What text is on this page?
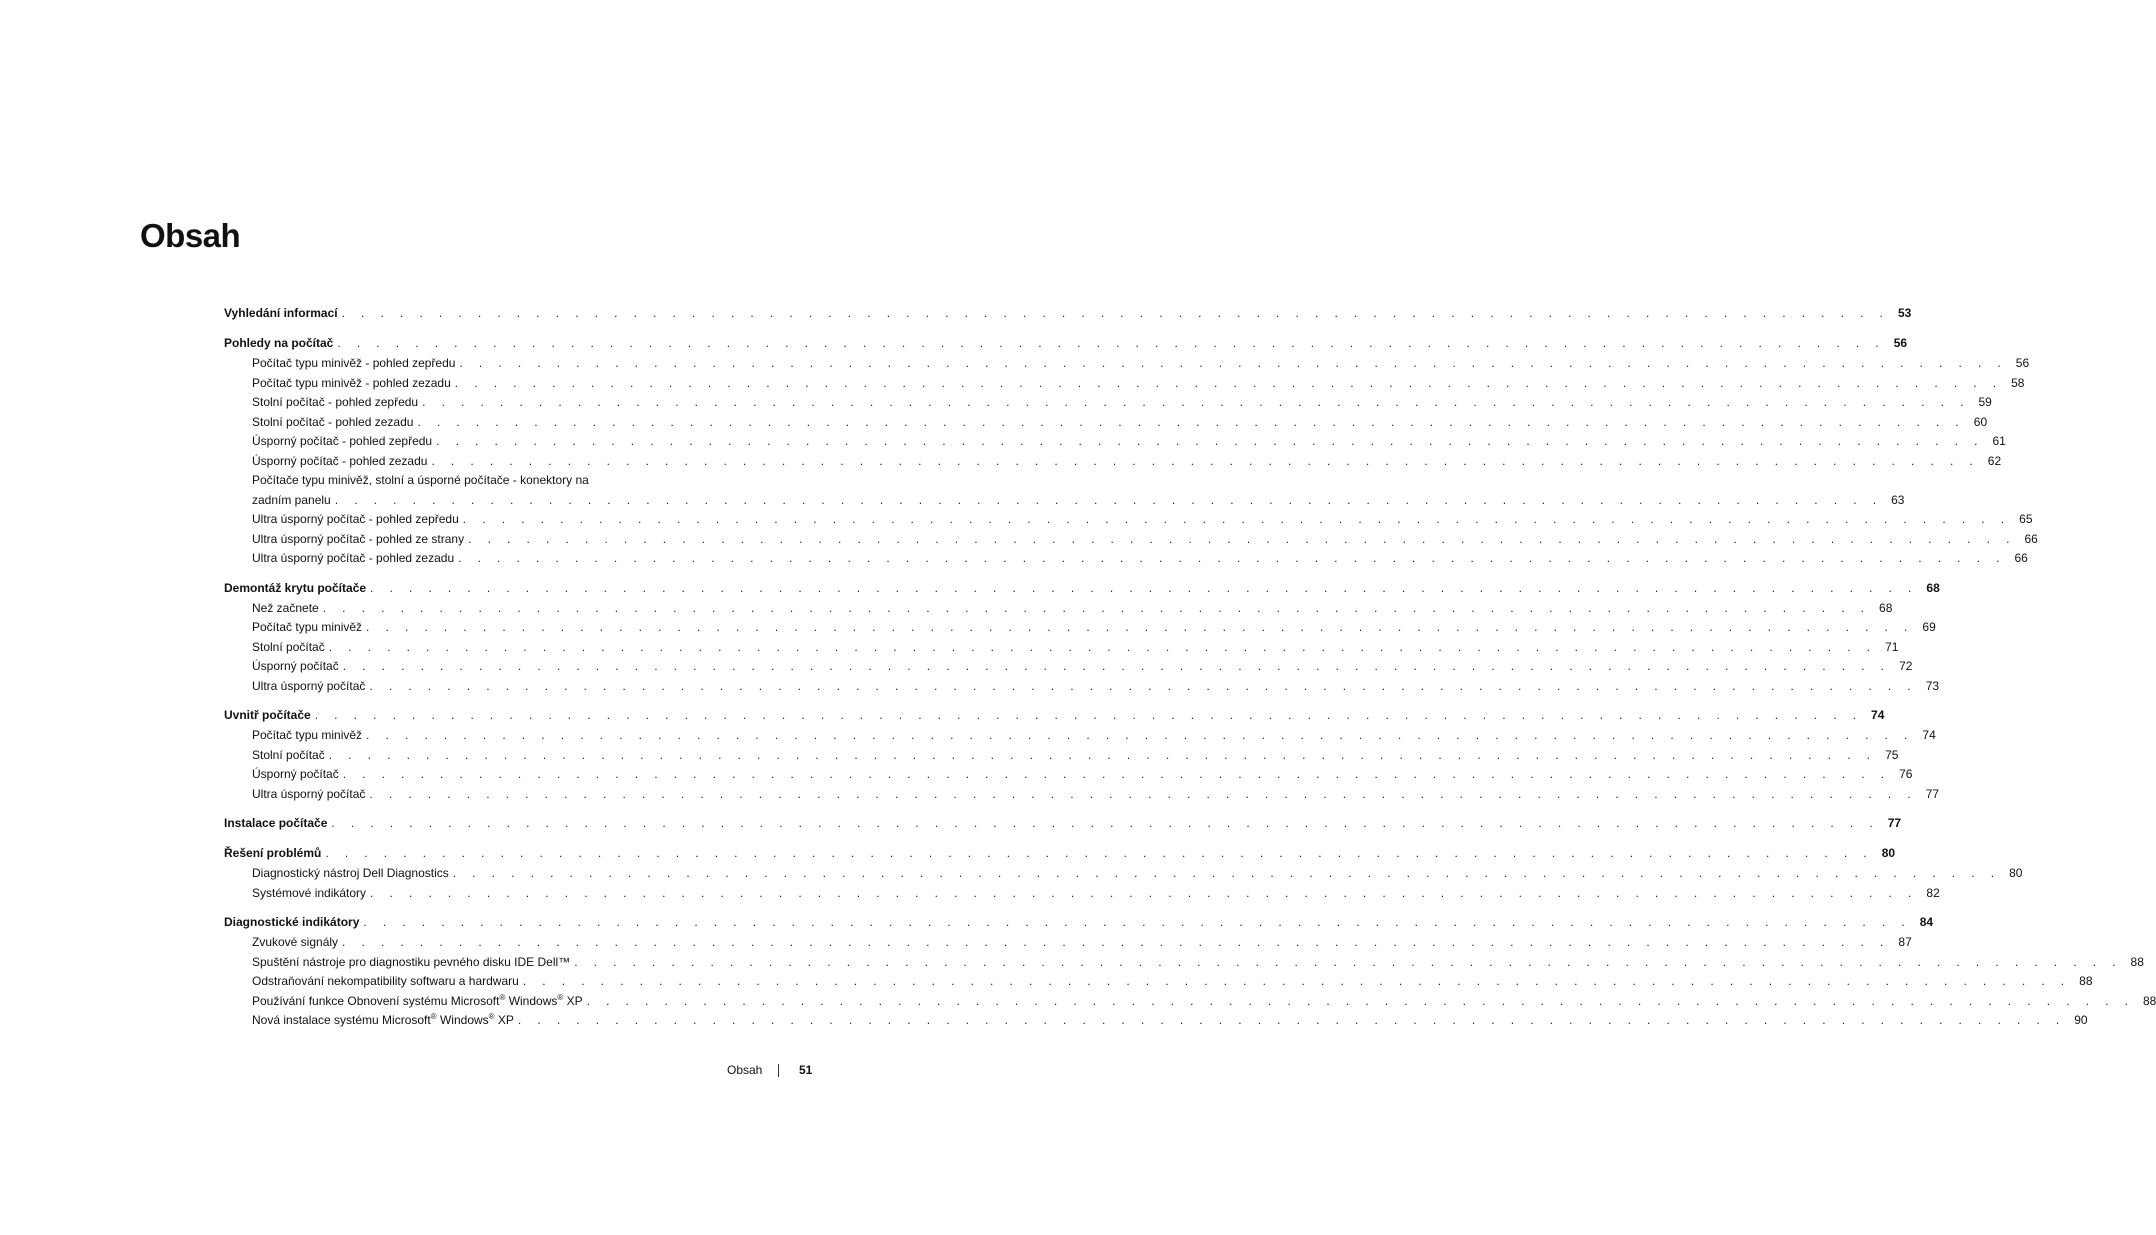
Obsah
Vyhledání informací . . . . . . . . . . . . . . . . . . . . . . . . . . . . . . . . . . . . . . . . . . . . . . . . . . . . . . . . . . . . . . . . . . . . . . . . . . . . . . . . 53
Pohledy na počítač . . . . . . . . . . . . . . . . . . . . . . . . . . . . . . . . . . . . . . . . . . . . . . . . . . . . . . . . . . . . . . . . . . . . . . . . . . . . . . . . 56
Počítač typu minivěž - pohled zepředu . . . . . . . . . . . . . . . . . . . . . . . . . . . . . . . . . . . . . . . . . . . . . . . . . . . . . . . . . . . . . . . . . . . . . . . . . . . . . . . . 56
Počítač typu minivěž - pohled zezadu . . . . . . . . . . . . . . . . . . . . . . . . . . . . . . . . . . . . . . . . . . . . . . . . . . . . . . . . . . . . . . . . . . . . . . . . . . . . . . . . 58
Stolní počítač - pohled zepředu . . . . . . . . . . . . . . . . . . . . . . . . . . . . . . . . . . . . . . . . . . . . . . . . . . . . . . . . . . . . . . . . . . . . . . . . . . . . . . . . 59
Stolní počítač - pohled zezadu . . . . . . . . . . . . . . . . . . . . . . . . . . . . . . . . . . . . . . . . . . . . . . . . . . . . . . . . . . . . . . . . . . . . . . . . . . . . . . . . 60
Úsporný počítač - pohled zepředu . . . . . . . . . . . . . . . . . . . . . . . . . . . . . . . . . . . . . . . . . . . . . . . . . . . . . . . . . . . . . . . . . . . . . . . . . . . . . . . . 61
Úsporný počítač - pohled zezadu . . . . . . . . . . . . . . . . . . . . . . . . . . . . . . . . . . . . . . . . . . . . . . . . . . . . . . . . . . . . . . . . . . . . . . . . . . . . . . . . 62
Počítače typu minivěž, stolní a úsporné počítače - konektory na
zadním panelu . . . . . . . . . . . . . . . . . . . . . . . . . . . . . . . . . . . . . . . . . . . . . . . . . . . . . . . . . . . . . . . . . . . . . . . . . . . . . . . . 63
Ultra úsporný počítač - pohled zepředu . . . . . . . . . . . . . . . . . . . . . . . . . . . . . . . . . . . . . . . . . . . . . . . . . . . . . . . . . . . . . . . . . . . . . . . . . . . . . . . . 65
Ultra úsporný počítač - pohled ze strany . . . . . . . . . . . . . . . . . . . . . . . . . . . . . . . . . . . . . . . . . . . . . . . . . . . . . . . . . . . . . . . . . . . . . . . . . . . . . . . . 66
Ultra úsporný počítač - pohled zezadu . . . . . . . . . . . . . . . . . . . . . . . . . . . . . . . . . . . . . . . . . . . . . . . . . . . . . . . . . . . . . . . . . . . . . . . . . . . . . . . . 66
Demontáž krytu počítače . . . . . . . . . . . . . . . . . . . . . . . . . . . . . . . . . . . . . . . . . . . . . . . . . . . . . . . . . . . . . . . . . . . . . . . . . . . . . . . . 68
Než začnete . . . . . . . . . . . . . . . . . . . . . . . . . . . . . . . . . . . . . . . . . . . . . . . . . . . . . . . . . . . . . . . . . . . . . . . . . . . . . . . . 68
Počítač typu minivěž . . . . . . . . . . . . . . . . . . . . . . . . . . . . . . . . . . . . . . . . . . . . . . . . . . . . . . . . . . . . . . . . . . . . . . . . . . . . . . . . 69
Stolní počítač . . . . . . . . . . . . . . . . . . . . . . . . . . . . . . . . . . . . . . . . . . . . . . . . . . . . . . . . . . . . . . . . . . . . . . . . . . . . . . . . 71
Úsporný počítač . . . . . . . . . . . . . . . . . . . . . . . . . . . . . . . . . . . . . . . . . . . . . . . . . . . . . . . . . . . . . . . . . . . . . . . . . . . . . . . . 72
Ultra úsporný počítač . . . . . . . . . . . . . . . . . . . . . . . . . . . . . . . . . . . . . . . . . . . . . . . . . . . . . . . . . . . . . . . . . . . . . . . . . . . . . . . . 73
Uvnitř počítače . . . . . . . . . . . . . . . . . . . . . . . . . . . . . . . . . . . . . . . . . . . . . . . . . . . . . . . . . . . . . . . . . . . . . . . . . . . . . . . . 74
Počítač typu minivěž . . . . . . . . . . . . . . . . . . . . . . . . . . . . . . . . . . . . . . . . . . . . . . . . . . . . . . . . . . . . . . . . . . . . . . . . . . . . . . . . 74
Stolní počítač . . . . . . . . . . . . . . . . . . . . . . . . . . . . . . . . . . . . . . . . . . . . . . . . . . . . . . . . . . . . . . . . . . . . . . . . . . . . . . . . 75
Úsporný počítač . . . . . . . . . . . . . . . . . . . . . . . . . . . . . . . . . . . . . . . . . . . . . . . . . . . . . . . . . . . . . . . . . . . . . . . . . . . . . . . . 76
Ultra úsporný počítač . . . . . . . . . . . . . . . . . . . . . . . . . . . . . . . . . . . . . . . . . . . . . . . . . . . . . . . . . . . . . . . . . . . . . . . . . . . . . . . . 77
Instalace počítače . . . . . . . . . . . . . . . . . . . . . . . . . . . . . . . . . . . . . . . . . . . . . . . . . . . . . . . . . . . . . . . . . . . . . . . . . . . . . . . . 77
Řešení problémů . . . . . . . . . . . . . . . . . . . . . . . . . . . . . . . . . . . . . . . . . . . . . . . . . . . . . . . . . . . . . . . . . . . . . . . . . . . . . . . . 80
Diagnostický nástroj Dell Diagnostics . . . . . . . . . . . . . . . . . . . . . . . . . . . . . . . . . . . . . . . . . . . . . . . . . . . . . . . . . . . . . . . . . . . . . . . . . . . . . . . . 80
Systémové indikátory . . . . . . . . . . . . . . . . . . . . . . . . . . . . . . . . . . . . . . . . . . . . . . . . . . . . . . . . . . . . . . . . . . . . . . . . . . . . . . . . 82
Diagnostické indikátory . . . . . . . . . . . . . . . . . . . . . . . . . . . . . . . . . . . . . . . . . . . . . . . . . . . . . . . . . . . . . . . . . . . . . . . . . . . . . . . . 84
Zvukové signály . . . . . . . . . . . . . . . . . . . . . . . . . . . . . . . . . . . . . . . . . . . . . . . . . . . . . . . . . . . . . . . . . . . . . . . . . . . . . . . . 87
Spuštění nástroje pro diagnostiku pevného disku IDE Dell™ . . . . . . . . . . . . . . . . . . . . . . . . . . . . . . . . . . . . . . . . . . . . . . . . . . . . . . . . . . . . . . . . . . . . . . . . . . . . . . . . 88
Odstraňování nekompatibility softwaru a hardwaru . . . . . . . . . . . . . . . . . . . . . . . . . . . . . . . . . . . . . . . . . . . . . . . . . . . . . . . . . . . . . . . . . . . . . . . . . . . . . . . . 88
Používání funkce Obnovení systému Microsoft® Windows® XP . . . . . . . . . . . . . . . . . . . . . . . . . . . . . . . . . . . . . . . . . . . . . . . . . . . . . . . . . . . . . . . . . . . . . . . . . . . . . . . . 88
Nová instalace systému Microsoft® Windows® XP . . . . . . . . . . . . . . . . . . . . . . . . . . . . . . . . . . . . . . . . . . . . . . . . . . . . . . . . . . . . . . . . . . . . . . . . . . . . . . . . 90
Obsah	51
